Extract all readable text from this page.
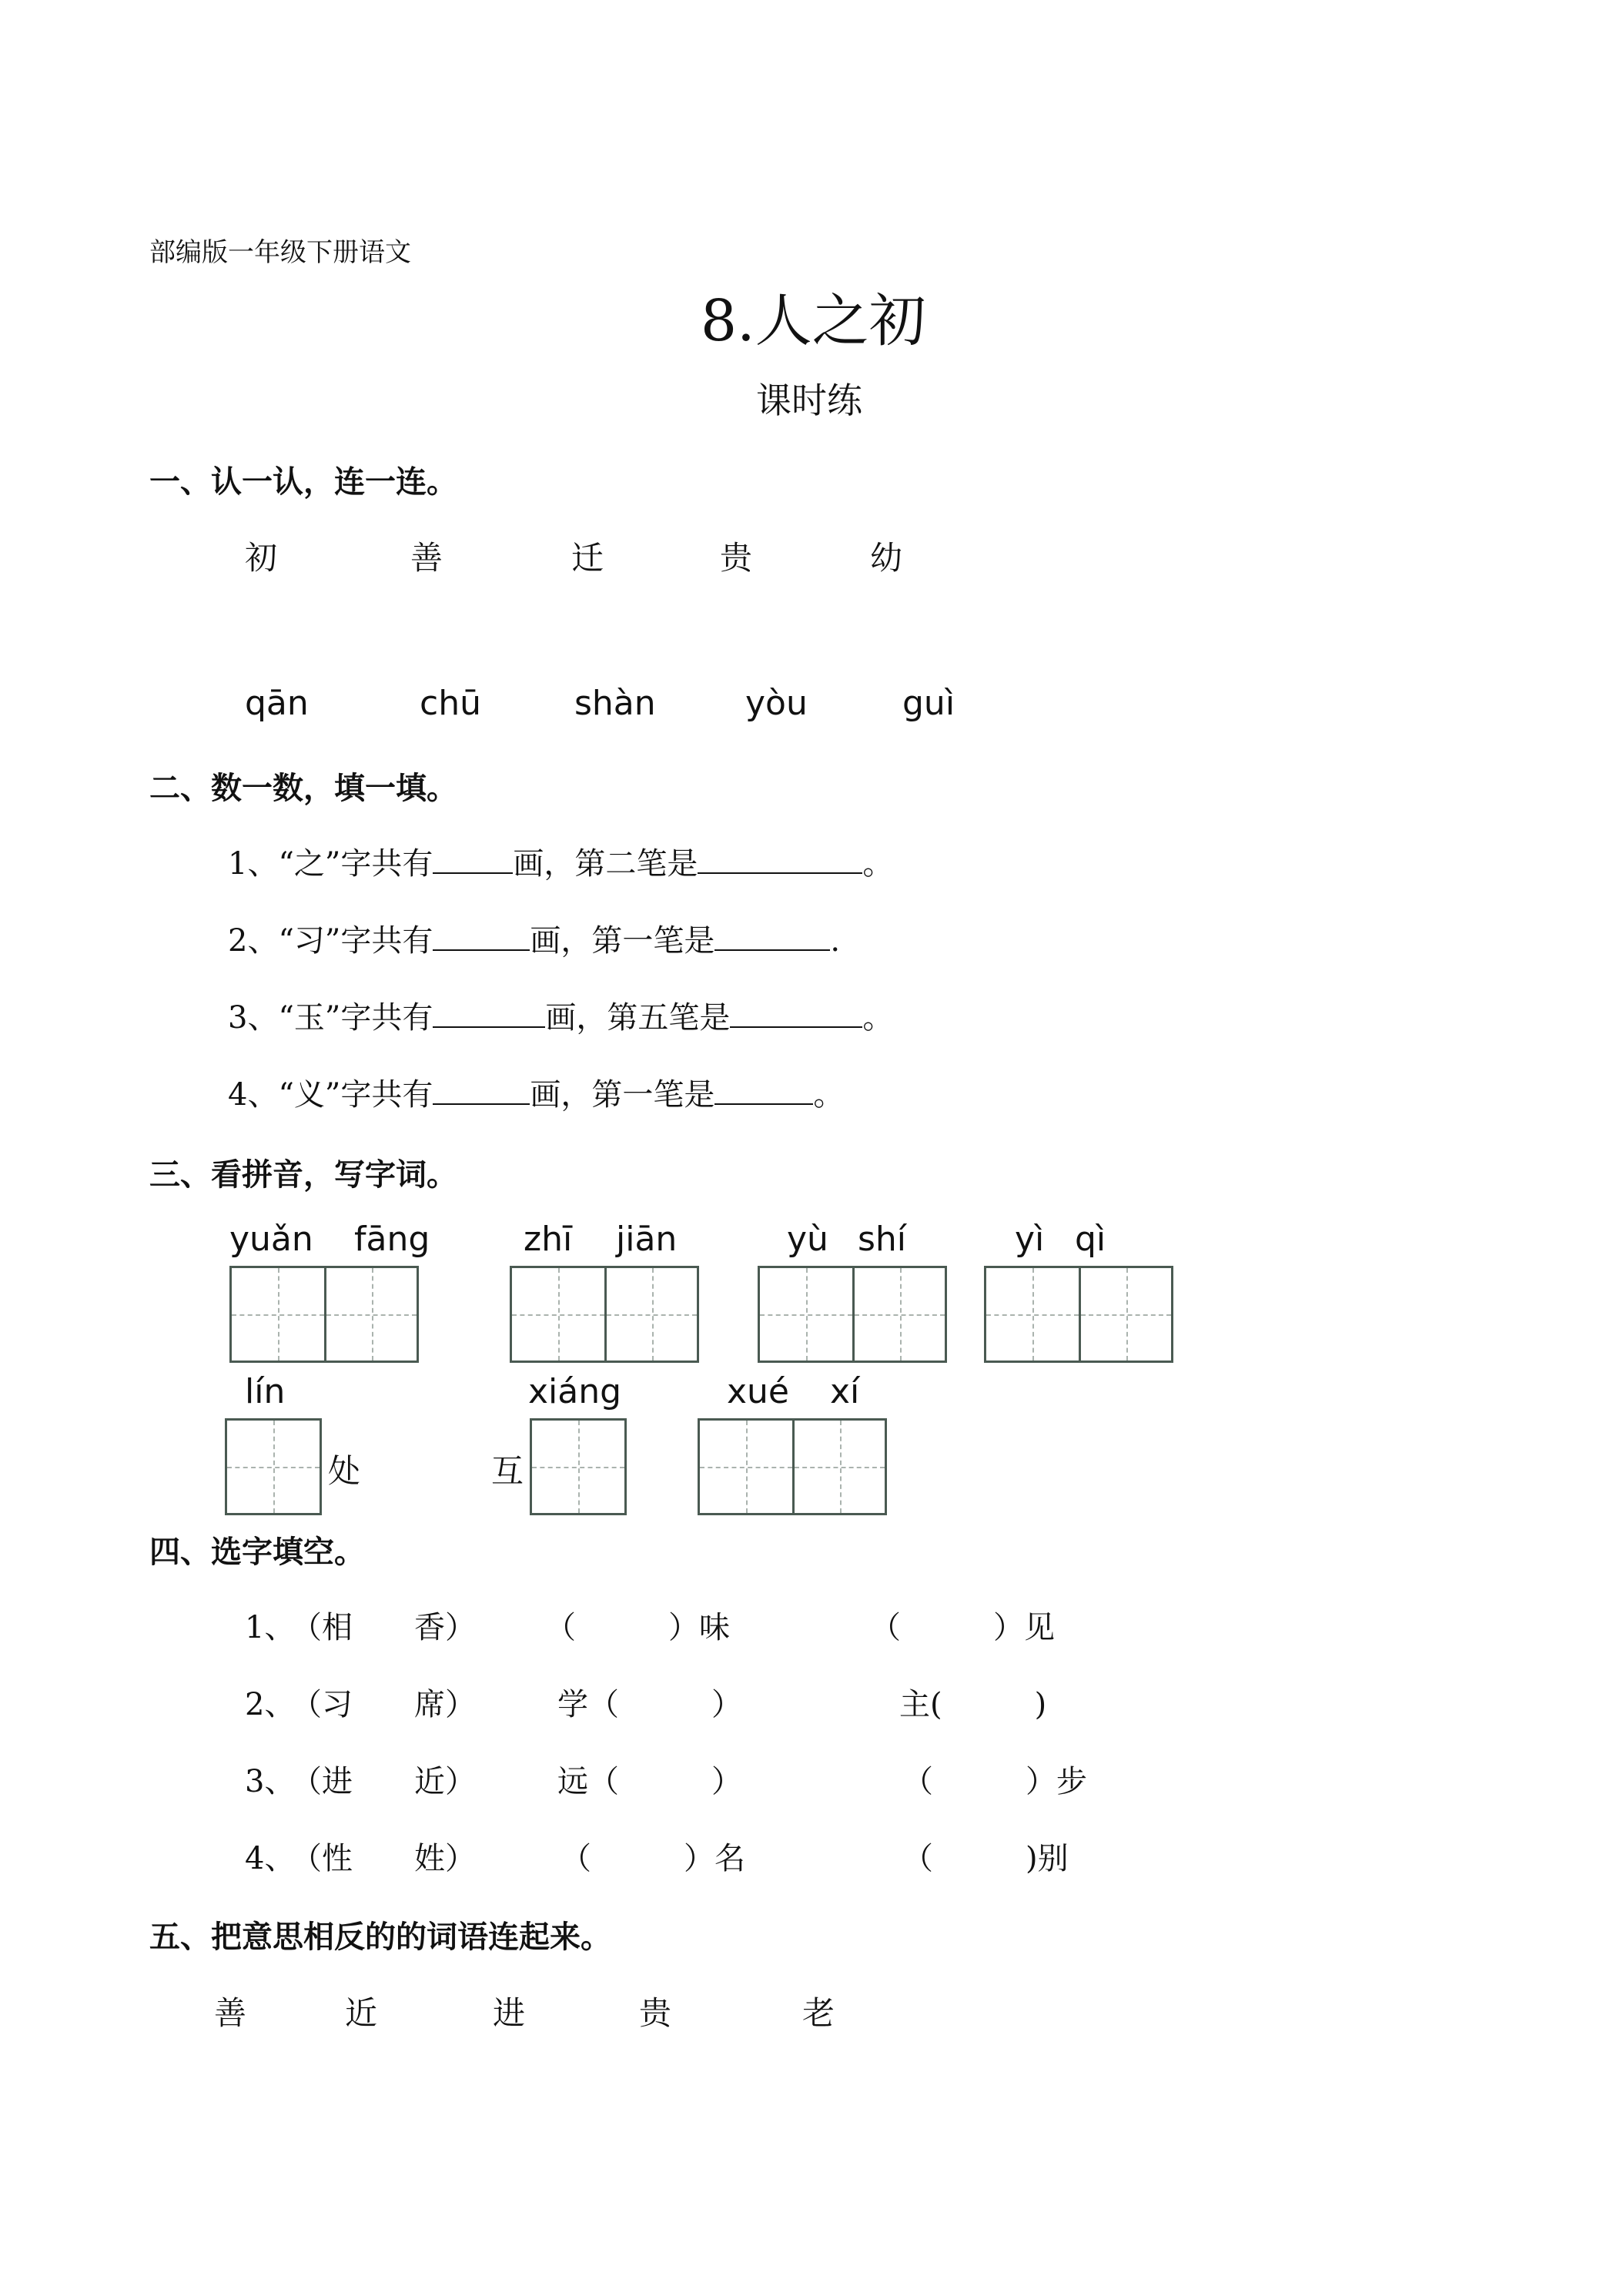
部编版一年级下册语文
8.人之初
课时练
一、认一认，连一连。
初	善	迁	贵	幼
qān	chū	shàn	yòu	guì
二、数一数，填一填。
1、“之”字共有	画，第二笔是	。
2、“习”字共有	画，第一笔是	.
3、“玉”字共有	画，第五笔是	。
4、“义”字共有	画，第一笔是	。
三、看拼音，写字词。
yuǎn fāng	zhī jiān	yù shí	yì qì
lín	xiáng	xué xí
处	互
四、选字填空。
1、
（相　　香） （　　　）味	（　　　）见
2、
（习　　席）	学（　　　）	主(　　　)
3、
（进　　近）	远（　　　）	（　　　）步
4、
（性　　姓）	（　　　）名	（　　　)别
五、把意思相反的的词语连起来。
善	近	进	贵	老
